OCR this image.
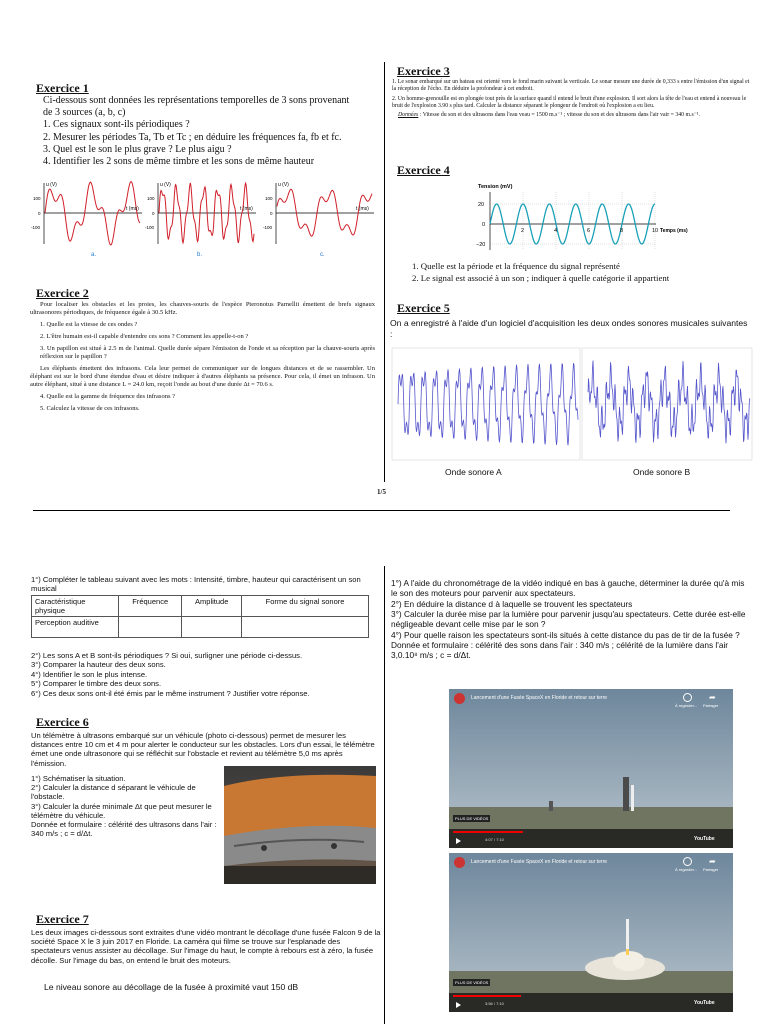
Exercice 1
Ci-dessous sont données les représentations temporelles de 3 sons provenant
de 3 sources (a, b, c)
1. Ces signaux sont-ils périodiques ?
2. Mesurer les périodes Ta, Tb et Tc ; en déduire les fréquences fa, fb et fc.
3. Quel est le son le plus grave ? Le plus aigu ?
4. Identifier les 2 sons de même timbre et les sons de même hauteur
u (V)
t (ms)
100
0
-100
u (V)
t (ms)
100
0
-100
u (V)
t (ms)
100
0
-100
a.	b.	c.
Exercice 2
Pour localiser les obstacles et les proies, les chauves-souris de l'espèce Pteronotus Parnellii émettent de brefs signaux ultrasonores périodiques, de fréquence égale à 30.5 kHz.
1. Quelle est la vitesse de ces ondes ?
2. L'être humain est-il capable d'entendre ces sons ? Comment les appelle-t-on ?
3. Un papillon est situé à 2.5 m de l'animal. Quelle durée sépare l'émission de l'onde et sa réception par la chauve-souris après réflexion sur le papillon ?
Les éléphants émettent des infrasons. Cela leur permet de communiquer sur de longues distances et de se rassembler. Un éléphant est sur le bord d'une étendue d'eau et désire indiquer à d'autres éléphants sa présence. Pour cela, il émet un infrason. Un autre éléphant, situé à une distance L = 24.0 km, reçoit l'onde au bout d'une durée Δt = 70.6 s.
4. Quelle est la gamme de fréquence des infrasons ?
5. Calculez la vitesse de ces infrasons.
Exercice 3
1. Le sonar embarqué sur un bateau est orienté vers le fond marin suivant la verticale. Le sonar mesure une durée de 0,333 s entre l'émission d'un signal et la réception de l'écho. En déduire la profondeur à cet endroit.
2. Un homme-grenouille est en plongée tout près de la surface quand il entend le bruit d'une explosion. Il sort alors la tête de l'eau et entend à nouveau le bruit de l'explosion 3.90 s plus tard. Calculer la distance séparant le plongeur de l'endroit où l'explosion a eu lieu.
Données : Vitesse du son et des ultrasons dans l'eau veau = 1500 m.s⁻¹ ; vitesse du son et des ultrasons dans l'air vair = 340 m.s⁻¹.
Exercice 4
Tension (mV)
20
0
−20
2	4	6	8	10 Temps (ms)
1. Quelle est la période et la fréquence du signal représenté
2. Le signal est associé à un son ; indiquer à quelle catégorie il appartient
Exercice 5
On a enregistré à l'aide d'un logiciel d'acquisition les deux ondes sonores musicales suivantes :
Onde sonore A	Onde sonore B
1/5
1°) Compléter le tableau suivant avec les mots : Intensité, timbre, hauteur qui caractérisent un son musical
Caractéristique physique	Fréquence	Amplitude	Forme du signal sonore
Perception auditive			
2°) Les sons A et B sont-ils périodiques ? Si oui, surligner une période ci-dessus.
3°) Comparer la hauteur des deux sons.
4°) Identifier le son le plus intense.
5°) Comparer le timbre des deux sons.
6°) Ces deux sons ont-il été émis par le même instrument ? Justifier votre réponse.
Exercice 6
Un télémètre à ultrasons embarqué sur un véhicule (photo ci-dessous) permet de mesurer les distances entre 10 cm et 4 m pour alerter le conducteur sur les obstacles. Lors d'un essai, le télémètre émet une onde ultrasonore qui se réfléchit sur l'obstacle et revient au télémètre 5,0 ms après l'émission.
1°) Schématiser la situation.
2°) Calculer la distance d séparant le véhicule de l'obstacle.
3°) Calculer la durée minimale Δt que peut mesurer le télémètre du véhicule.
Donnée et formulaire : célérité des ultrasons dans l'air : 340 m/s ; c = d/Δt.
Exercice 7
Les deux images ci-dessous sont extraites d'une vidéo montrant le décollage d'une fusée Falcon 9 de la société Space X le 3 juin 2017 en Floride. La caméra qui filme se trouve sur l'esplanade des spectateurs venus assister au décollage. Sur l'image du haut, le compte à rebours est à zéro, la fusée décolle. Sur l'image du bas, on entend le bruit des moteurs.
Le niveau sonore au décollage de la fusée à proximité vaut 150 dB
1°) A l'aide du chronométrage de la vidéo indiqué en bas à gauche, déterminer la durée qu'à mis le son des moteurs pour parvenir aux spectateurs.
2°) En déduire la distance d à laquelle se trouvent les spectateurs
3°) Calculer la durée mise par la lumière pour parvenir jusqu'au spectateurs. Cette durée est-elle négligeable devant celle mise par le son ?
4°) Pour quelle raison les spectateurs sont-ils situés à cette distance du pas de tir de la fusée ?
Donnée et formulaire : célérité des sons dans l'air : 340 m/s ; célérité de la lumière dans l'air 3,0.10⁸ m/s ; c = d/Δt.
Lancement d'une Fusée SpaceX en Floride et retour sur terre	➦
À regarder... Partager
PLUS DE VIDÉOS
4:07 / 7:10	YouTube
Lancement d'une Fusée SpaceX en Floride et retour sur terre	➦
À regarder... Partager
PLUS DE VIDÉOS
3:56 / 7:10	YouTube
